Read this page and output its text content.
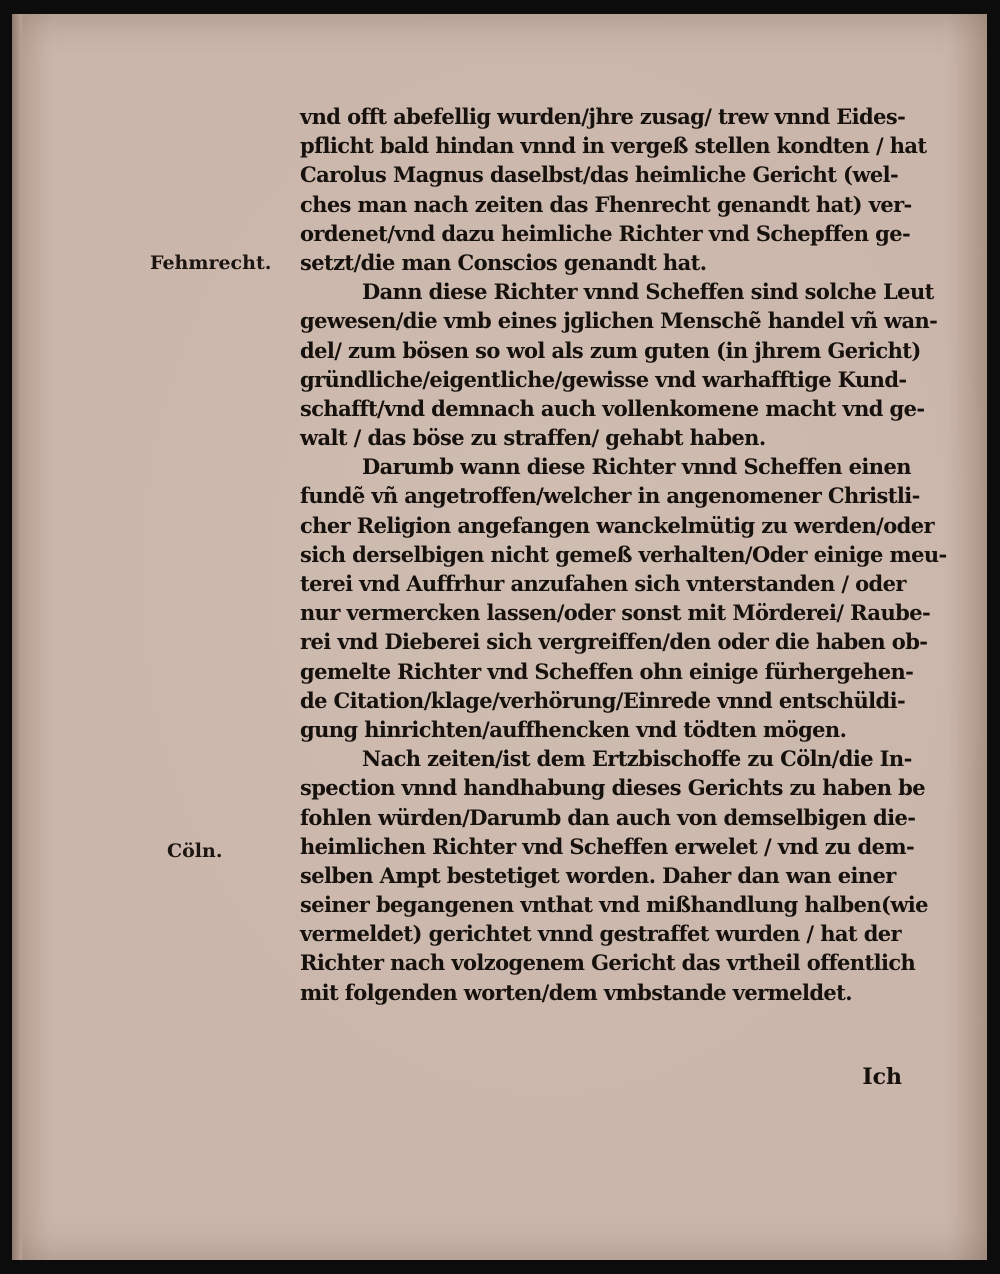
Fehmrecht.
Cöln.
vnd offt abefellig wurden/jhre zusag/ trew vnnd Eides-
pflicht bald hindan vnnd in vergeß stellen kondten / hat
Carolus Magnus daselbst/das heimliche Gericht (wel-
ches man nach zeiten das Fhenrecht genandt hat) ver-
ordenet/vnd dazu heimliche Richter vnd Schepffen ge-
setzt/die man Conscios genandt hat.
Dann diese Richter vnnd Scheffen sind solche Leut
gewesen/die vmb eines jglichen Menschẽ handel vñ wan-
del/ zum bösen so wol als zum guten (in jhrem Gericht)
gründliche/eigentliche/gewisse vnd warhafftige Kund-
schafft/vnd demnach auch vollenkomene macht vnd ge-
walt / das böse zu straffen/ gehabt haben.
Darumb wann diese Richter vnnd Scheffen einen
fundẽ vñ angetroffen/welcher in angenomener Christli-
cher Religion angefangen wanckelmütig zu werden/oder
sich derselbigen nicht gemeß verhalten/Oder einige meu-
terei vnd Auffrhur anzufahen sich vnterstanden / oder
nur vermercken lassen/oder sonst mit Mörderei/ Raube-
rei vnd Dieberei sich vergreiffen/den oder die haben ob-
gemelte Richter vnd Scheffen ohn einige fürhergehen-
de Citation/klage/verhörung/Einrede vnnd entschüldi-
gung hinrichten/auffhencken vnd tödten mögen.
Nach zeiten/ist dem Ertzbischoffe zu Cöln/die In-
spection vnnd handhabung dieses Gerichts zu haben be
fohlen würden/Darumb dan auch von demselbigen die-
heimlichen Richter vnd Scheffen erwelet / vnd zu dem-
selben Ampt bestetiget worden. Daher dan wan einer
seiner begangenen vnthat vnd mißhandlung halben(wie
vermeldet) gerichtet vnnd gestraffet wurden / hat der
Richter nach volzogenem Gericht das vrtheil offentlich
mit folgenden worten/dem vmbstande vermeldet.
Ich
